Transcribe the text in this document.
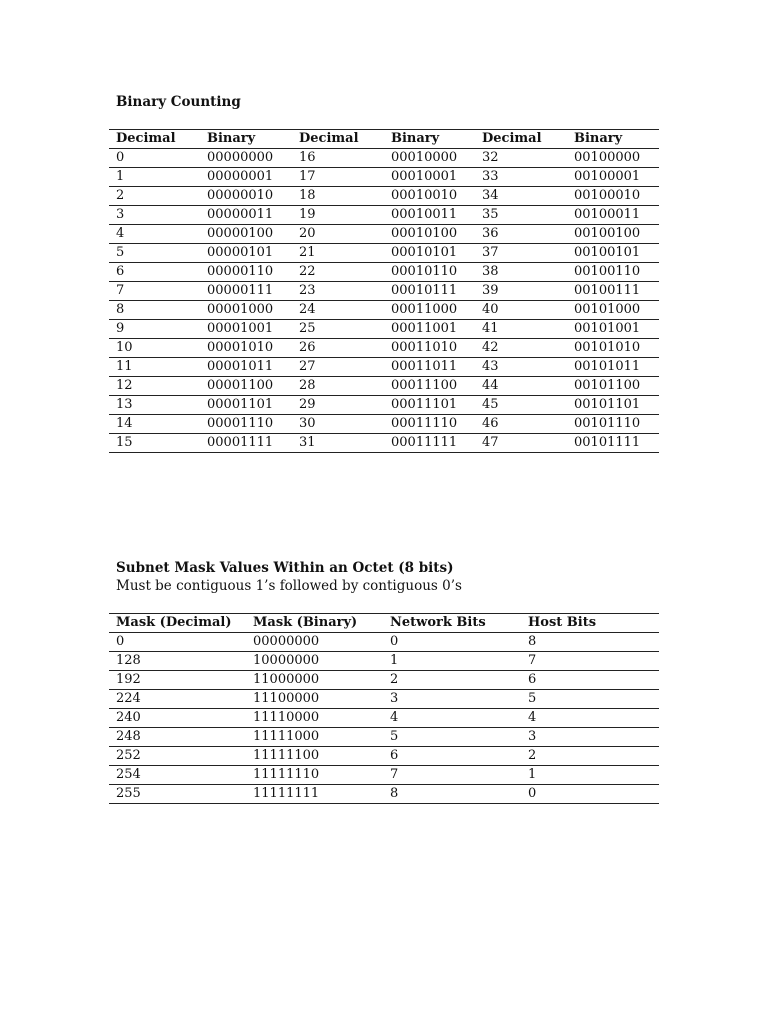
Binary Counting
Decimal	Binary	Decimal	Binary	Decimal	Binary
0	00000000	16	00010000	32	00100000
1	00000001	17	00010001	33	00100001
2	00000010	18	00010010	34	00100010
3	00000011	19	00010011	35	00100011
4	00000100	20	00010100	36	00100100
5	00000101	21	00010101	37	00100101
6	00000110	22	00010110	38	00100110
7	00000111	23	00010111	39	00100111
8	00001000	24	00011000	40	00101000
9	00001001	25	00011001	41	00101001
10	00001010	26	00011010	42	00101010
11	00001011	27	00011011	43	00101011
12	00001100	28	00011100	44	00101100
13	00001101	29	00011101	45	00101101
14	00001110	30	00011110	46	00101110
15	00001111	31	00011111	47	00101111
Subnet Mask Values Within an Octet (8 bits)
Must be contiguous 1’s followed by contiguous 0’s
Mask (Decimal)	Mask (Binary)	Network Bits	Host Bits
0	00000000	0	8
128	10000000	1	7
192	11000000	2	6
224	11100000	3	5
240	11110000	4	4
248	11111000	5	3
252	11111100	6	2
254	11111110	7	1
255	11111111	8	0
